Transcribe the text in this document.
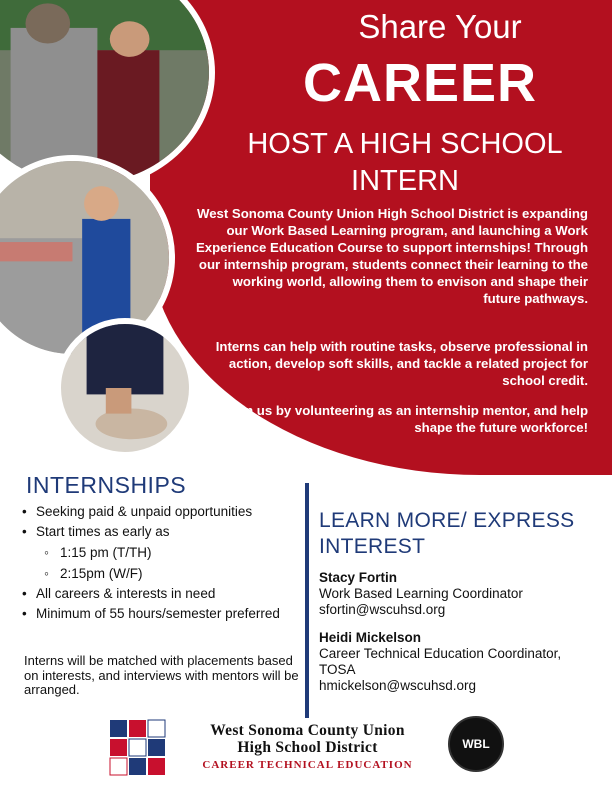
Share Your
CAREER
HOST A HIGH SCHOOL INTERN
West Sonoma County Union High School District is expanding our Work Based Learning program, and launching a Work Experience Education Course to support internships! Through our internship program, students connect their learning to the working world, allowing them to envison and shape their future pathways.
Interns can help with routine tasks, observe professional in action, develop soft skills, and tackle a related project for school credit.
Join us by volunteering as an internship mentor, and help shape the future workforce!
INTERNSHIPS
• Seeking paid & unpaid opportunities
• Start times as early as
◦ 1:15 pm (T/TH)
◦ 2:15pm (W/F)
• All careers & interests in need
• Minimum of 55 hours/semester preferred
Interns will be matched with placements based on interests, and interviews with mentors will be arranged.
LEARN MORE/ EXPRESS INTEREST
Stacy Fortin
Work Based Learning Coordinator
sfortin@wscuhsd.org
Heidi Mickelson
Career Technical Education Coordinator, TOSA
hmickelson@wscuhsd.org
West Sonoma County Union
High School District
CAREER TECHNICAL EDUCATION
WBL
